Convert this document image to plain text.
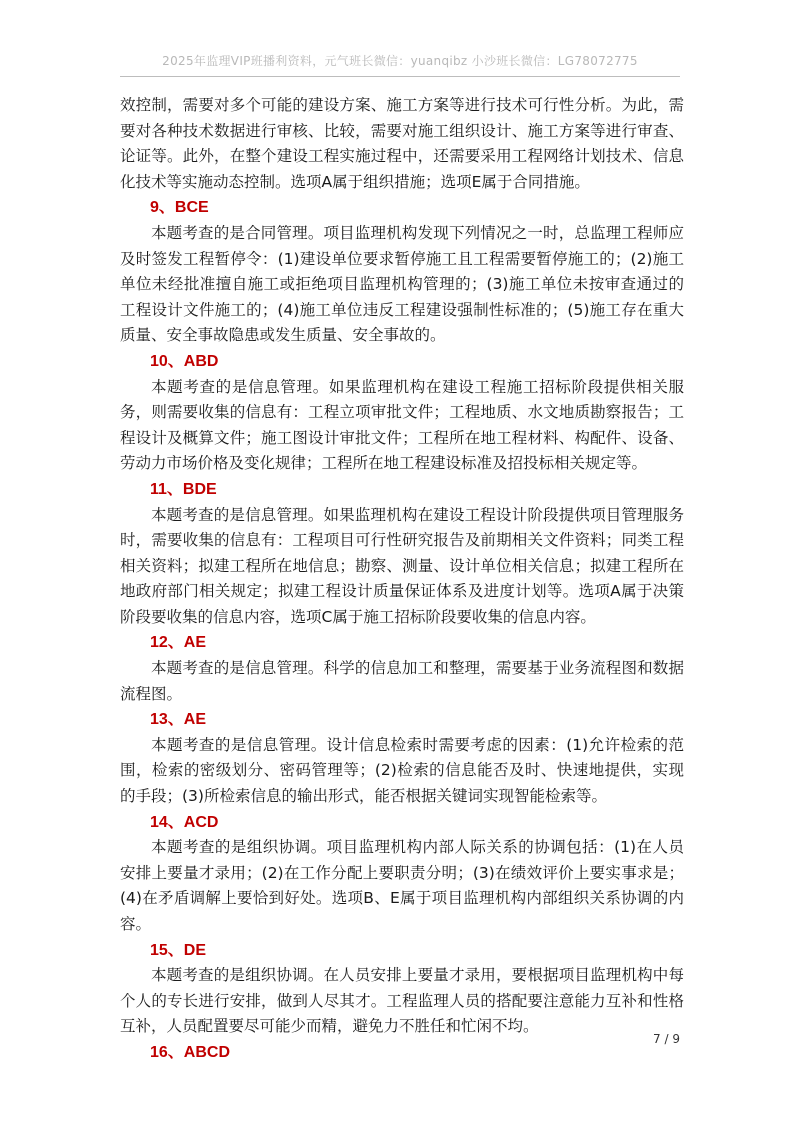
2025年监理VIP班播利资料，元气班长微信：yuanqibz 小沙班长微信：LG78072775

效控制，需要对多个可能的建设方案、施工方案等进行技术可行性分析。为此，需要对各种技术数据进行审核、比较，需要对施工组织设计、施工方案等进行审查、论证等。此外，在整个建设工程实施过程中，还需要采用工程网络计划技术、信息化技术等实施动态控制。选项A属于组织措施；选项E属于合同措施。

9、BCE

本题考查的是合同管理。项目监理机构发现下列情况之一时，总监理工程师应及时签发工程暂停令：(1)建设单位要求暂停施工且工程需要暂停施工的；(2)施工单位未经批准擅自施工或拒绝项目监理机构管理的；(3)施工单位未按审查通过的工程设计文件施工的；(4)施工单位违反工程建设强制性标准的；(5)施工存在重大质量、安全事故隐患或发生质量、安全事故的。

10、ABD

本题考查的是信息管理。如果监理机构在建设工程施工招标阶段提供相关服务，则需要收集的信息有：工程立项审批文件；工程地质、水文地质勘察报告；工程设计及概算文件；施工图设计审批文件；工程所在地工程材料、构配件、设备、劳动力市场价格及变化规律；工程所在地工程建设标准及招投标相关规定等。

11、BDE

本题考查的是信息管理。如果监理机构在建设工程设计阶段提供项目管理服务时，需要收集的信息有：工程项目可行性研究报告及前期相关文件资料；同类工程相关资料；拟建工程所在地信息；勘察、测量、设计单位相关信息；拟建工程所在地政府部门相关规定；拟建工程设计质量保证体系及进度计划等。选项A属于决策阶段要收集的信息内容，选项C属于施工招标阶段要收集的信息内容。

12、AE

本题考查的是信息管理。科学的信息加工和整理，需要基于业务流程图和数据流程图。

13、AE

本题考查的是信息管理。设计信息检索时需要考虑的因素：(1)允许检索的范围，检索的密级划分、密码管理等；(2)检索的信息能否及时、快速地提供，实现的手段；(3)所检索信息的输出形式，能否根据关键词实现智能检索等。

14、ACD

本题考查的是组织协调。项目监理机构内部人际关系的协调包括：(1)在人员安排上要量才录用；(2)在工作分配上要职责分明；(3)在绩效评价上要实事求是；(4)在矛盾调解上要恰到好处。选项B、E属于项目监理机构内部组织关系协调的内容。

15、DE

本题考查的是组织协调。在人员安排上要量才录用，要根据项目监理机构中每个人的专长进行安排，做到人尽其才。工程监理人员的搭配要注意能力互补和性格互补，人员配置要尽可能少而精，避免力不胜任和忙闲不均。

16、ABCD

7 / 9
